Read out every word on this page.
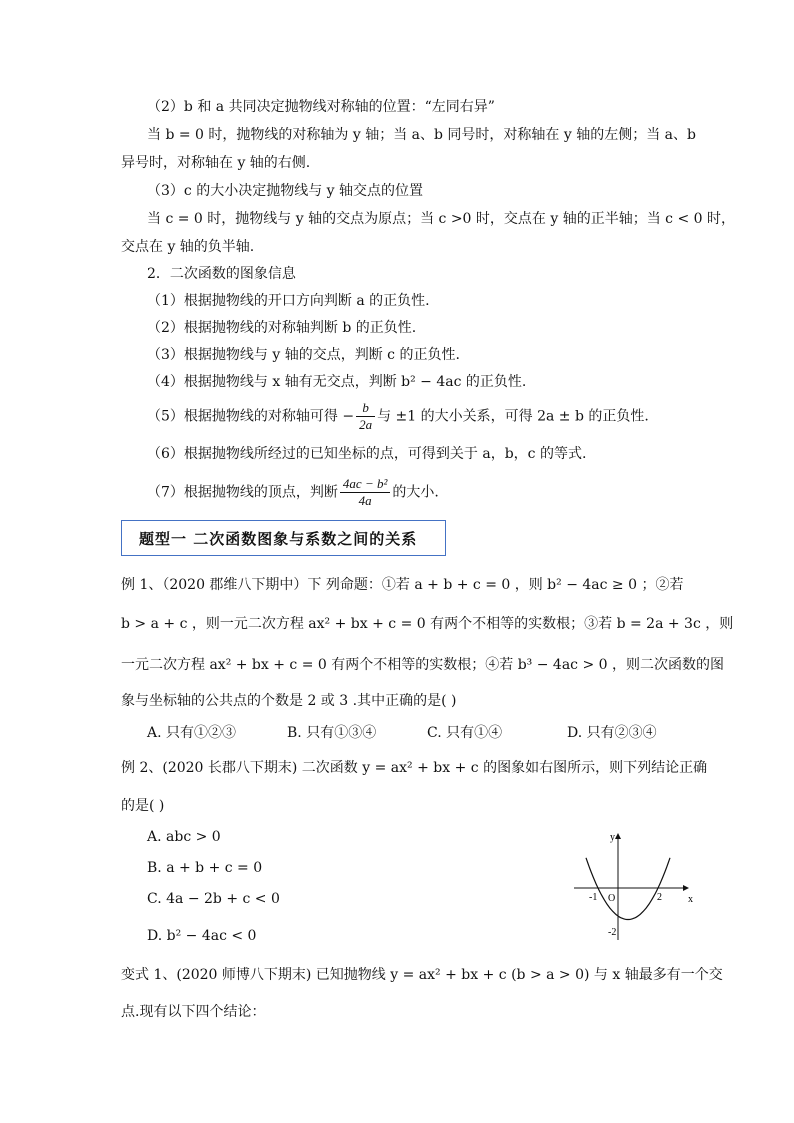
（2）b 和 a 共同决定抛物线对称轴的位置：“左同右异”
当 b = 0 时，抛物线的对称轴为 y 轴；当 a、b 同号时，对称轴在 y 轴的左侧；当 a、b
异号时，对称轴在 y 轴的右侧.
（3）c 的大小决定抛物线与 y 轴交点的位置
当 c = 0 时，抛物线与 y 轴的交点为原点；当 c >0 时，交点在 y 轴的正半轴；当 c < 0 时，
交点在 y 轴的负半轴.
2．二次函数的图象信息
（1）根据抛物线的开口方向判断 a 的正负性.
（2）根据抛物线的对称轴判断 b 的正负性.
（3）根据抛物线与 y 轴的交点，判断 c 的正负性.
（4）根据抛物线与 x 轴有无交点，判断 b² − 4ac 的正负性.
（5）根据抛物线的对称轴可得 − $\frac{b}{2a}$ 与 ±1 的大小关系，可得 2a ± b 的正负性.
（6）根据抛物线所经过的已知坐标的点，可得到关于 a，b，c 的等式.
（7）根据抛物线的顶点，判断 $\frac{\text{4ac − b²}}{4a}$ 的大小.
题型一 二次函数图象与系数之间的关系
例 1、（2020 郡维八下期中）下 列命题：①若 a + b + c = 0 ，则 b² − 4ac ≥ 0 ；②若
b > a + c ，则一元二次方程 ax² + bx + c = 0 有两个不相等的实数根；③若 b = 2a + 3c ，则
一元二次方程 ax² + bx + c = 0 有两个不相等的实数根；④若 b³ − 4ac > 0 ，则二次函数的图
象与坐标轴的公共点的个数是 2 或 3 .其中正确的是( )
A. 只有①②③	B. 只有①③④	C. 只有①④	D. 只有②③④
例 2、(2020 长郡八下期末) 二次函数 y = ax² + bx + c 的图象如右图所示，则下列结论正确
的是( )
A. abc > 0
B. a + b + c = 0
C. 4a − 2b + c < 0
D. b² − 4ac < 0
y
x
O
-1	2
-2
变式 1、(2020 师博八下期末) 已知抛物线 y = ax² + bx + c (b > a > 0) 与 x 轴最多有一个交
点.现有以下四个结论：
